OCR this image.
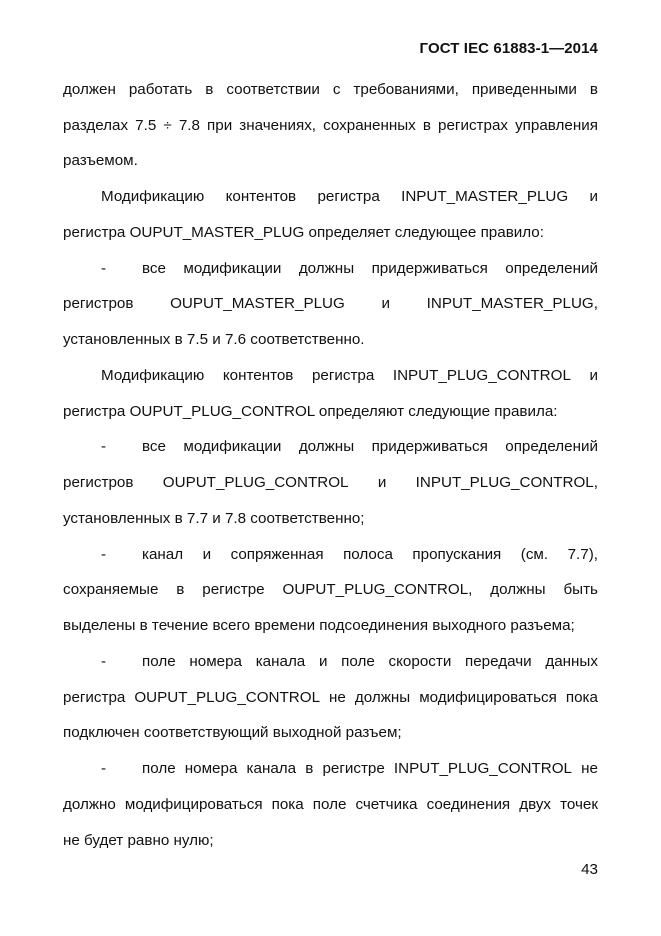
ГОСТ IEC 61883-1—2014
должен работать в соответствии с требованиями, приведенными в
разделах 7.5 ÷ 7.8 при значениях, сохраненных в регистрах управления
разъемом.
Модификацию контентов регистра INPUT_MASTER_PLUG и
регистра OUPUT_MASTER_PLUG определяет следующее правило:
- все модификации должны придерживаться определений
регистров OUPUT_MASTER_PLUG и INPUT_MASTER_PLUG,
установленных в 7.5 и 7.6 соответственно.
Модификацию контентов регистра INPUT_PLUG_CONTROL и
регистра OUPUT_PLUG_CONTROL определяют следующие правила:
- все модификации должны придерживаться определений
регистров OUPUT_PLUG_CONTROL и INPUT_PLUG_CONTROL,
установленных в 7.7 и 7.8 соответственно;
- канал и сопряженная полоса пропускания (см. 7.7),
сохраняемые в регистре OUPUT_PLUG_CONTROL, должны быть
выделены в течение всего времени подсоединения выходного разъема;
- поле номера канала и поле скорости передачи данных
регистра OUPUT_PLUG_CONTROL не должны модифицироваться пока
подключен соответствующий выходной разъем;
- поле номера канала в регистре INPUT_PLUG_CONTROL не
должно модифицироваться пока поле счетчика соединения двух точек
не будет равно нулю;
43
